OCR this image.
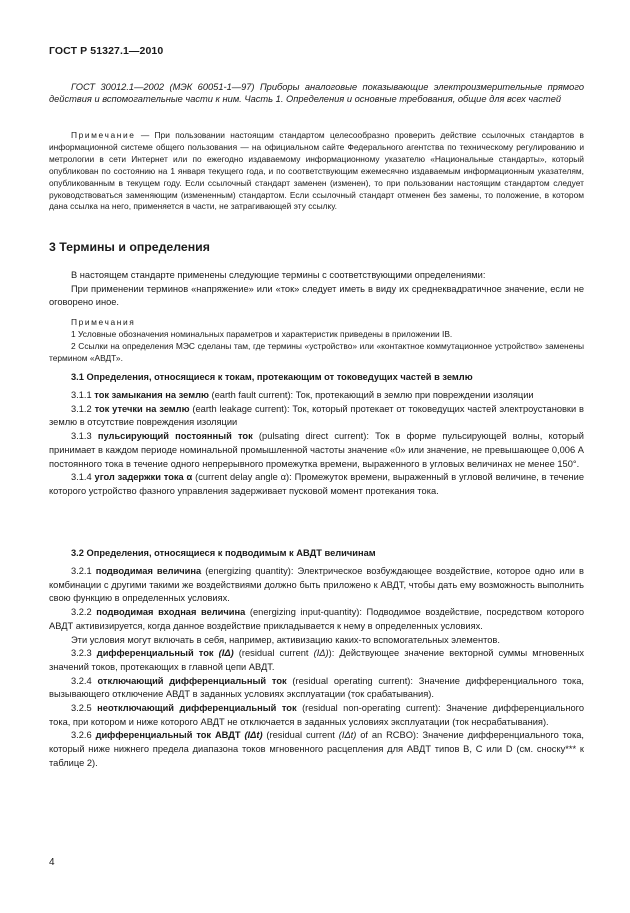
ГОСТ Р 51327.1—2010

ГОСТ 30012.1—2002 (МЭК 60051-1—97) Приборы аналоговые показывающие электроизмерительные прямого действия и вспомогательные части к ним. Часть 1. Определения и основные требования, общие для всех частей

Примечание — При пользовании настоящим стандартом целесообразно проверить действие ссылочных стандартов в информационной системе общего пользования — на официальном сайте Федерального агентства по техническому регулированию и метрологии в сети Интернет или по ежегодно издаваемому информационному указателю «Национальные стандарты», который опубликован по состоянию на 1 января текущего года, и по соответствующим ежемесячно издаваемым информационным указателям, опубликованным в текущем году. Если ссылочный стандарт заменен (изменен), то при пользовании настоящим стандартом следует руководствоваться заменяющим (измененным) стандартом. Если ссылочный стандарт отменен без замены, то положение, в котором дана ссылка на него, применяется в части, не затрагивающей эту ссылку.

3 Термины и определения

В настоящем стандарте применены следующие термины с соответствующими определениями:

При применении терминов «напряжение» или «ток» следует иметь в виду их среднеквадратичное значение, если не оговорено иное.

Примечания

1 Условные обозначения номинальных параметров и характеристик приведены в приложении IB.

2 Ссылки на определения МЭС сделаны там, где термины «устройство» или «контактное коммутационное устройство» заменены термином «АВДТ».

3.1 Определения, относящиеся к токам, протекающим от токоведущих частей в землю

3.1.1 ток замыкания на землю (earth fault current): Ток, протекающий в землю при повреждении изоляции

3.1.2 ток утечки на землю (earth leakage current): Ток, который протекает от токоведущих частей электроустановки в землю в отсутствие повреждения изоляции

3.1.3 пульсирующий постоянный ток (pulsating direct current): Ток в форме пульсирующей волны, который принимает в каждом периоде номинальной промышленной частоты значение «0» или значение, не превышающее 0,006 А постоянного тока в течение одного непрерывного промежутка времени, выраженного в угловых величинах не менее 150°.

3.1.4 угол задержки тока α (current delay angle α): Промежуток времени, выраженный в угловой величине, в течение которого устройство фазного управления задерживает пусковой момент протекания тока.

3.2 Определения, относящиеся к подводимым к АВДТ величинам

3.2.1 подводимая величина (energizing quantity): Электрическое возбуждающее воздействие, которое одно или в комбинации с другими такими же воздействиями должно быть приложено к АВДТ, чтобы дать ему возможность выполнить свою функцию в определенных условиях.

3.2.2 подводимая входная величина (energizing input-quantity): Подводимое воздействие, посредством которого АВДТ активизируется, когда данное воздействие прикладывается к нему в определенных условиях.

Эти условия могут включать в себя, например, активизацию каких-то вспомогательных элементов.

3.2.3 дифференциальный ток (IΔ) (residual current (IΔ)): Действующее значение векторной суммы мгновенных значений токов, протекающих в главной цепи АВДТ.

3.2.4 отключающий дифференциальный ток (residual operating current): Значение дифференциального тока, вызывающего отключение АВДТ в заданных условиях эксплуатации (ток срабатывания).

3.2.5 неотключающий дифференциальный ток (residual non-operating current): Значение дифференциального тока, при котором и ниже которого АВДТ не отключается в заданных условиях эксплуатации (ток несрабатывания).

3.2.6 дифференциальный ток АВДТ (IΔt) (residual current (IΔt) of an RCBO): Значение дифференциального тока, который ниже нижнего предела диапазона токов мгновенного расцепления для АВДТ типов B, C или D (см. сноску*** к таблице 2).

4
